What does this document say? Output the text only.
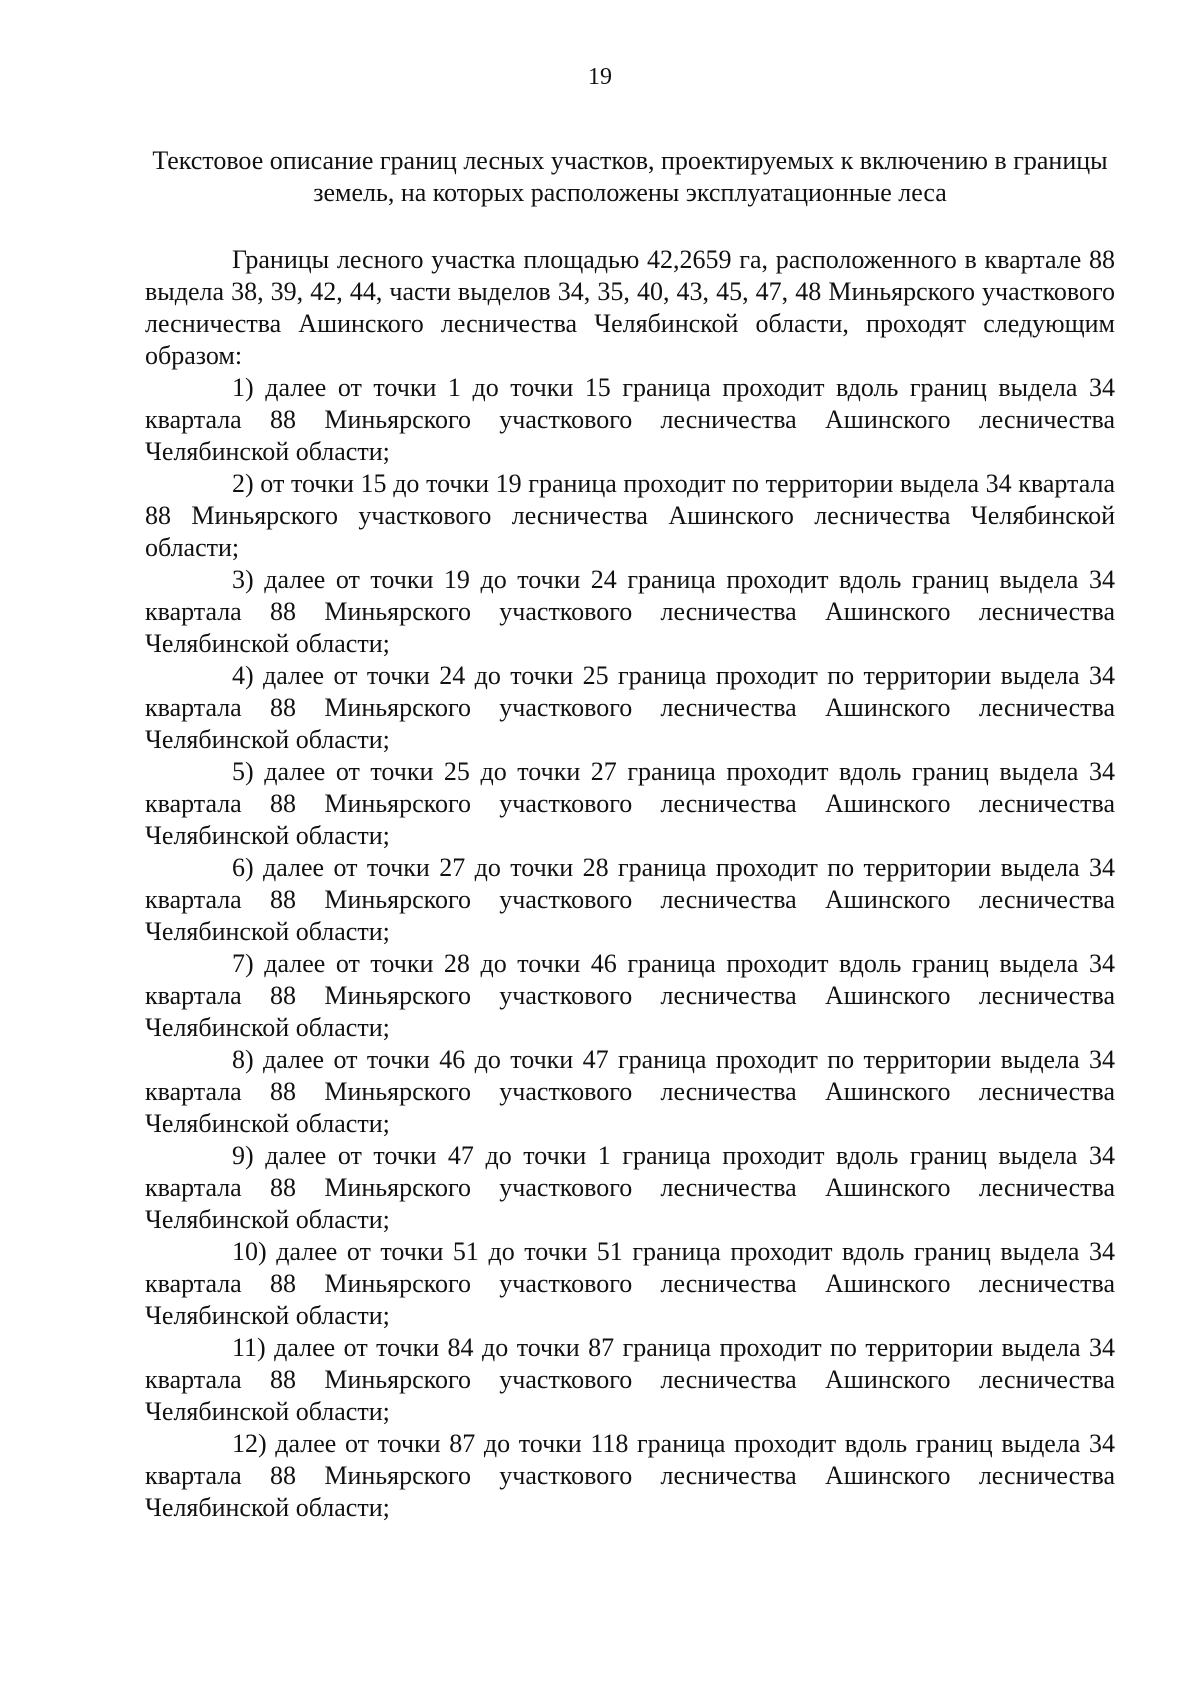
19
Текстовое описание границ лесных участков, проектируемых к включению в границы земель, на которых расположены эксплуатационные леса

Границы лесного участка площадью 42,2659 га, расположенного в квартале 88 выдела 38, 39, 42, 44, части выделов 34, 35, 40, 43, 45, 47, 48 Миньярского участкового лесничества Ашинского лесничества Челябинской области, проходят следующим образом:

1) далее от точки 1 до точки 15 граница проходит вдоль границ выдела 34 квартала 88 Миньярского участкового лесничества Ашинского лесничества Челябинской области;

2) от точки 15 до точки 19 граница проходит по территории выдела 34 квартала 88 Миньярского участкового лесничества Ашинского лесничества Челябинской области;

3) далее от точки 19 до точки 24 граница проходит вдоль границ выдела 34 квартала 88 Миньярского участкового лесничества Ашинского лесничества Челябинской области;

4) далее от точки 24 до точки 25 граница проходит по территории выдела 34 квартала 88 Миньярского участкового лесничества Ашинского лесничества Челябинской области;

5) далее от точки 25 до точки 27 граница проходит вдоль границ выдела 34 квартала 88 Миньярского участкового лесничества Ашинского лесничества Челябинской области;

6) далее от точки 27 до точки 28 граница проходит по территории выдела 34 квартала 88 Миньярского участкового лесничества Ашинского лесничества Челябинской области;

7) далее от точки 28 до точки 46 граница проходит вдоль границ выдела 34 квартала 88 Миньярского участкового лесничества Ашинского лесничества Челябинской области;

8) далее от точки 46 до точки 47 граница проходит по территории выдела 34 квартала 88 Миньярского участкового лесничества Ашинского лесничества Челябинской области;

9) далее от точки 47 до точки 1 граница проходит вдоль границ выдела 34 квартала 88 Миньярского участкового лесничества Ашинского лесничества Челябинской области;

10) далее от точки 51 до точки 51 граница проходит вдоль границ выдела 34 квартала 88 Миньярского участкового лесничества Ашинского лесничества Челябинской области;

11) далее от точки 84 до точки 87 граница проходит по территории выдела 34 квартала 88 Миньярского участкового лесничества Ашинского лесничества Челябинской области;

12) далее от точки 87 до точки 118 граница проходит вдоль границ выдела 34 квартала 88 Миньярского участкового лесничества Ашинского лесничества Челябинской области;
